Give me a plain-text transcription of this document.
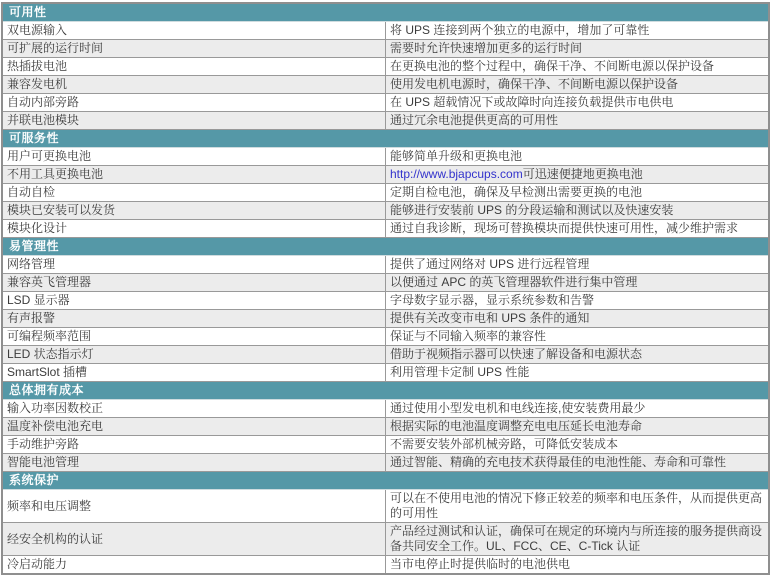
可用性	
双电源输入	将 UPS 连接到两个独立的电源中，增加了可靠性
可扩展的运行时间	需要时允许快速增加更多的运行时间
热插拔电池	在更换电池的整个过程中，确保干净、不间断电源以保护设备
兼容发电机	使用发电机电源时，确保干净、不间断电源以保护设备
自动内部旁路	在 UPS 超载情况下或故障时向连接负载提供市电供电
并联电池模块	通过冗余电池提供更高的可用性
可服务性	
用户可更换电池	能够简单升级和更换电池
不用工具更换电池	http://www.bjapcups.com可迅速便捷地更换电池
自动自检	定期自检电池，确保及早检测出需要更换的电池
模块已安装可以发货	能够进行安装前 UPS 的分段运输和测试以及快速安装
模块化设计	通过自我诊断，现场可替换模块而提供快速可用性，减少维护需求
易管理性	
网络管理	提供了通过网络对 UPS 进行远程管理
兼容英飞管理器	以便通过 APC 的英飞管理器软件进行集中管理
LSD 显示器	字母数字显示器，显示系统参数和告警
有声报警	提供有关改变市电和 UPS 条件的通知
可编程频率范围	保证与不同输入频率的兼容性
LED 状态指示灯	借助于视频指示器可以快速了解设备和电源状态
SmartSlot 插槽	利用管理卡定制 UPS 性能
总体拥有成本	
输入功率因数校正	通过使用小型发电机和电线连接,使安装费用最少
温度补偿电池充电	根据实际的电池温度调整充电电压延长电池寿命
手动维护旁路	不需要安装外部机械旁路，可降低安装成本
智能电池管理	通过智能、精确的充电技术获得最佳的电池性能、寿命和可靠性
系统保护	
频率和电压调整	可以在不使用电池的情况下修正较差的频率和电压条件，从而提供更高的可用性
经安全机构的认证	产品经过测试和认证，确保可在规定的环境内与所连接的服务提供商设备共同安全工作。UL、FCC、CE、C-Tick 认证
冷启动能力	当市电停止时提供临时的电池供电
